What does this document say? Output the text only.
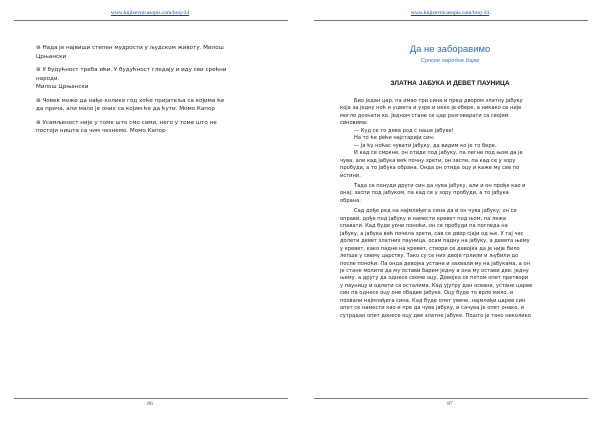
www.knjizevnicasopis.com/broj-34
⊛ Нада је највиши степен мудрости у људском животу. Милош
Црњански
⊛ У будућност треба ићи. У будућност гледају и иду сви срећни
народи.
Милош Црњански
⊛ Човек може да нађе колико год хоће пријатеља са којима ће
да прича, али мало је оних са којим ће да ћути. Момо Капор
⊛ Усамљеност није у томе што смо сами, него у томе што не
постоји ништа са чим чезнемо. Момо Капор
86
www.knjizevnicasopis.com/broj-34
Да не заборавимо
Српске народне бајке
ЗЛАТНА ЈАБУКА И ДЕВЕТ ПАУНИЦА
Био један цар, па имао три сина и пред двором златну јабуку
која за једну ноћ и уцвета и узре и неко је обере, а никако се није
могло дознати ко. Једном стане се цар разговарати са својим
синовима:
— Куд се то дева род с наше јабуке!
На то ће рећи најстарији син:
— Ја ћу ноћас чувати јабуку, да видим ко је то бере.
И кад се смркне, он отиде под јабуку, па легне под њом да је
чува, али кад јабука већ почну зрети, он заспи, па кад се у зору
пробуди, а то јабука обрана. Онда он отиде оцу и каже му све по
истини.
Тада се понуди други син да чува јабуку, али и он прође као и
онај: заспи под јабуком, па кад се у зору пробуди, а то јабука
обрана.
Сад дође ред на најмлађега сина да и он чува јабуку; он се
оправи, дође под јабуку и намести кревет под њом, па леже
спавати. Кад буде уочи поноћи, он се пробуди па погледа на
јабуку, а јабука већ почела зрети, сав се двор сјаји од ње. У тај час
долети девет златних пауница, осам падну на јабуку, а девета њему
у кревет, како падне на кревет, створи се девојка да је није било
лепше у свему царству. Тако су се них двоје грлили и љубили до
после поноћи. Па онда девојка устане и захвали му на јабукама, а он
је стане молити да му остави барем једну а она му остави две: једну
њему, а другу да однесе своме оцу. Девојка се потом опет претвори
у пауницу и одлети са осталима. Кад ујутру дан осване, устане царев
син па однесе оцу оне обадве јабуке. Оцу буде то врло мило, и
похвали најмлађега сина. Кад буде опет увече, најмлађи царев син
опет се намести као и пре да чува јабуку, и сачува је опет онако, и
сутрадан опет донесе оцу две златне јабуке. Пошто је тако неколико
87
